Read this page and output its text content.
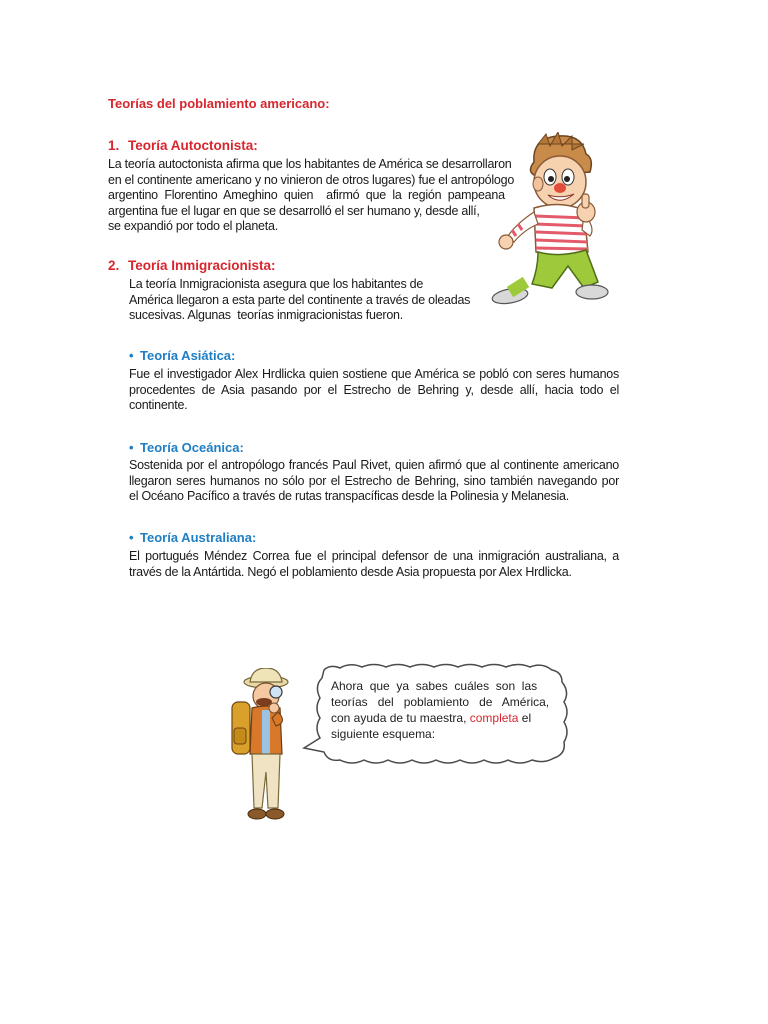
Teorías del poblamiento americano:
1. Teoría Autoctonista:
La teoría autoctonista afirma que los habitantes de América se desarrollaron
en el continente americano y no vinieron de otros lugares) fue el antropólogo
argentino  Florentino  Ameghino  quien    afirmó  que  la  región  pampeana
argentina fue el lugar en que se desarrolló el ser humano y, desde allí,
se expandió por todo el planeta.
2. Teoría Inmigracionista:
La teoría Inmigracionista asegura que los habitantes de
América llegaron a esta parte del continente a través de oleadas
sucesivas. Algunas  teorías inmigracionistas fueron.
• Teoría Asiática:
Fue el investigador Alex Hrdlicka quien sostiene que América se pobló con seres humanos
procedentes de Asia pasando por el Estrecho de Behring y, desde allí, hacia todo el
continente.
• Teoría Oceánica:
Sostenida por el antropólogo francés Paul Rivet, quien afirmó que al continente americano
llegaron seres humanos no sólo por el Estrecho de Behring, sino también navegando por
el Océano Pacífico a través de rutas transpacíficas desde la Polinesia y Melanesia.
• Teoría Australiana:
El portugués Méndez Correa fue el principal defensor de una inmigración australiana, a
través de la Antártida. Negó el poblamiento desde Asia propuesta por Alex Hrdlicka.
Ahora  que  ya  sabes  cuáles  son  las
teorías   del   poblamiento   de   América,
con ayuda de tu maestra, completa el
siguiente esquema:
